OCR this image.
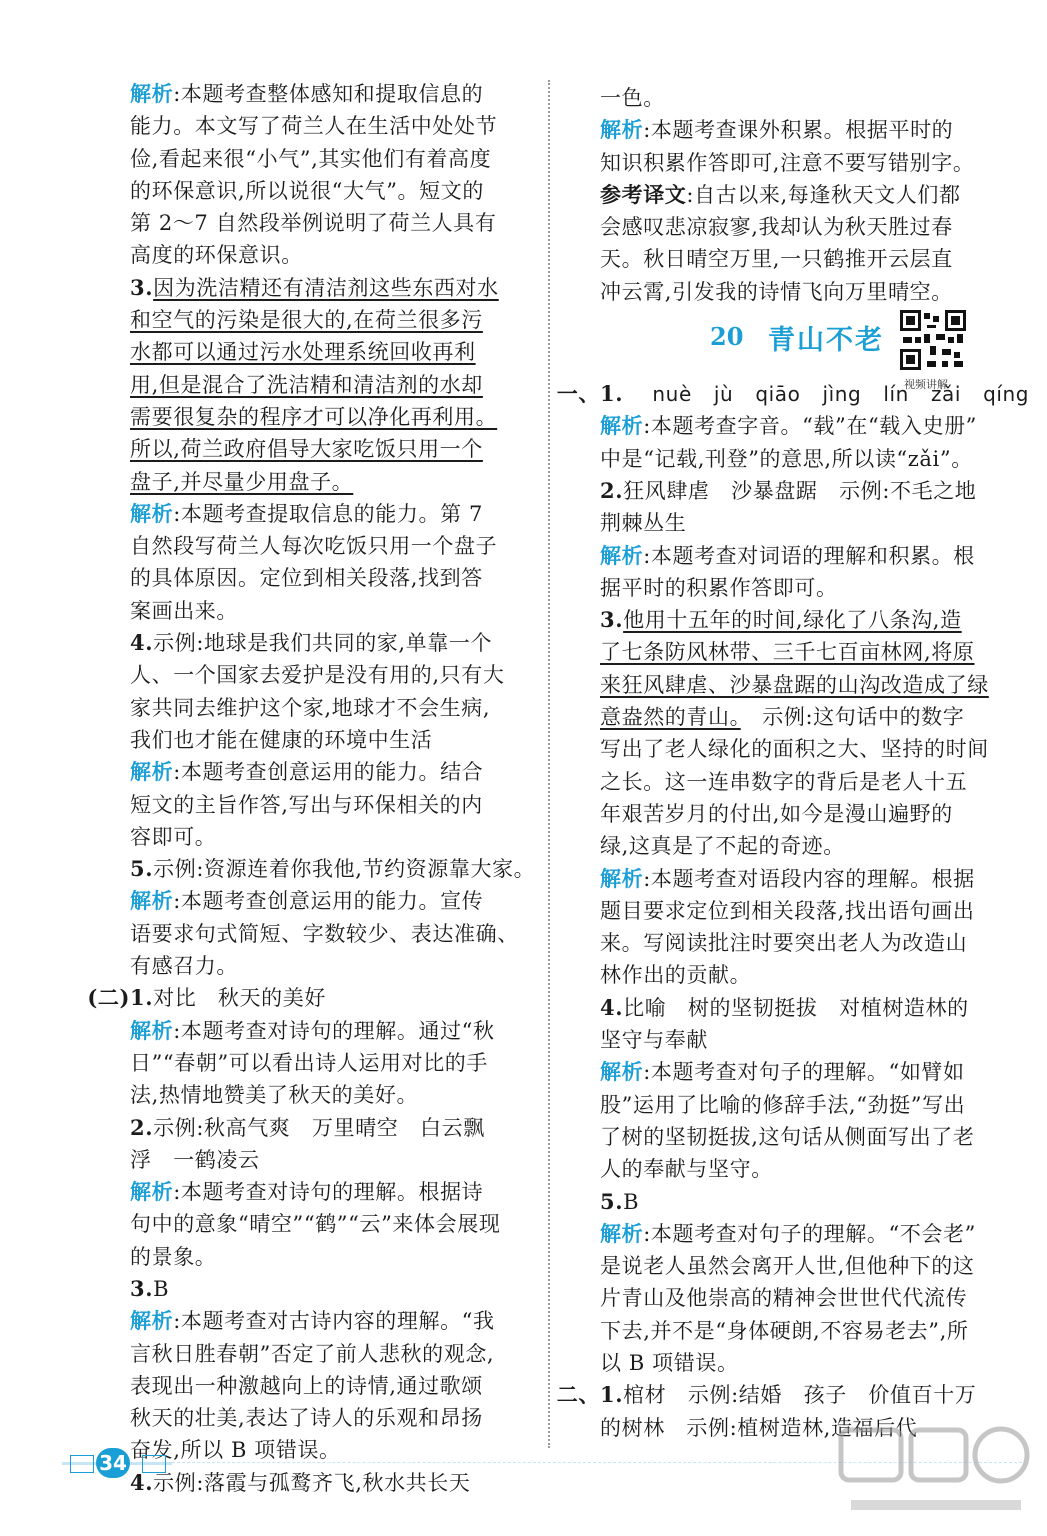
解析:本题考查整体感知和提取信息的
能力。本文写了荷兰人在生活中处处节
俭,看起来很“小气”,其实他们有着高度
的环保意识,所以说很“大气”。短文的
第 2～7 自然段举例说明了荷兰人具有
高度的环保意识。
3.因为洗洁精还有清洁剂这些东西对水
和空气的污染是很大的,在荷兰很多污
水都可以通过污水处理系统回收再利
用,但是混合了洗洁精和清洁剂的水却
需要很复杂的程序才可以净化再利用。
所以,荷兰政府倡导大家吃饭只用一个
盘子,并尽量少用盘子。
解析:本题考查提取信息的能力。第 7
自然段写荷兰人每次吃饭只用一个盘子
的具体原因。定位到相关段落,找到答
案画出来。
4.示例:地球是我们共同的家,单靠一个
人、一个国家去爱护是没有用的,只有大
家共同去维护这个家,地球才不会生病,
我们也才能在健康的环境中生活
解析:本题考查创意运用的能力。结合
短文的主旨作答,写出与环保相关的内
容即可。
5.示例:资源连着你我他,节约资源靠大家。
解析:本题考查创意运用的能力。宣传
语要求句式简短、字数较少、表达准确、
有感召力。
(二) 1.对比　秋天的美好
解析:本题考查对诗句的理解。通过“秋
日”“春朝”可以看出诗人运用对比的手
法,热情地赞美了秋天的美好。
2.示例:秋高气爽　万里晴空　白云飘
浮　一鹤凌云
解析:本题考查对诗句的理解。根据诗
句中的意象“晴空”“鹤”“云”来体会展现
的景象。
3.B
解析:本题考查对古诗内容的理解。“我
言秋日胜春朝”否定了前人悲秋的观念,
表现出一种激越向上的诗情,通过歌颂
秋天的壮美,表达了诗人的乐观和昂扬
奋发,所以 B 项错误。
4.示例:落霞与孤鹜齐飞,秋水共长天
一色。
解析:本题考查课外积累。根据平时的
知识积累作答即可,注意不要写错别字。
参考译文:自古以来,每逢秋天文人们都
会感叹悲凉寂寥,我却认为秋天胜过春
天。秋日晴空万里,一只鹤推开云层直
冲云霄,引发我的诗情飞向万里晴空。
20 青山不老
视频讲解
一、 1. nuè jù qiāo jìng lín zǎi qíng
解析:本题考查字音。“载”在“载入史册”
中是“记载,刊登”的意思,所以读“zǎi”。
2.狂风肆虐　沙暴盘踞　示例:不毛之地
荆棘丛生
解析:本题考查对词语的理解和积累。根
据平时的积累作答即可。
3.他用十五年的时间,绿化了八条沟,造
了七条防风林带、三千七百亩林网,将原
来狂风肆虐、沙暴盘踞的山沟改造成了绿
意盎然的青山。　示例:这句话中的数字
写出了老人绿化的面积之大、坚持的时间
之长。这一连串数字的背后是老人十五
年艰苦岁月的付出,如今是漫山遍野的
绿,这真是了不起的奇迹。
解析:本题考查对语段内容的理解。根据
题目要求定位到相关段落,找出语句画出
来。写阅读批注时要突出老人为改造山
林作出的贡献。
4.比喻　树的坚韧挺拔　对植树造林的
坚守与奉献
解析:本题考查对句子的理解。“如臂如
股”运用了比喻的修辞手法,“劲挺”写出
了树的坚韧挺拔,这句话从侧面写出了老
人的奉献与坚守。
5.B
解析:本题考查对句子的理解。“不会老”
是说老人虽然会离开人世,但他种下的这
片青山及他崇高的精神会世世代代流传
下去,并不是“身体硬朗,不容易老去”,所
以 B 项错误。
二、 1.棺材　示例:结婚　孩子　价值百十万
的树林　示例:植树造林,造福后代
34
